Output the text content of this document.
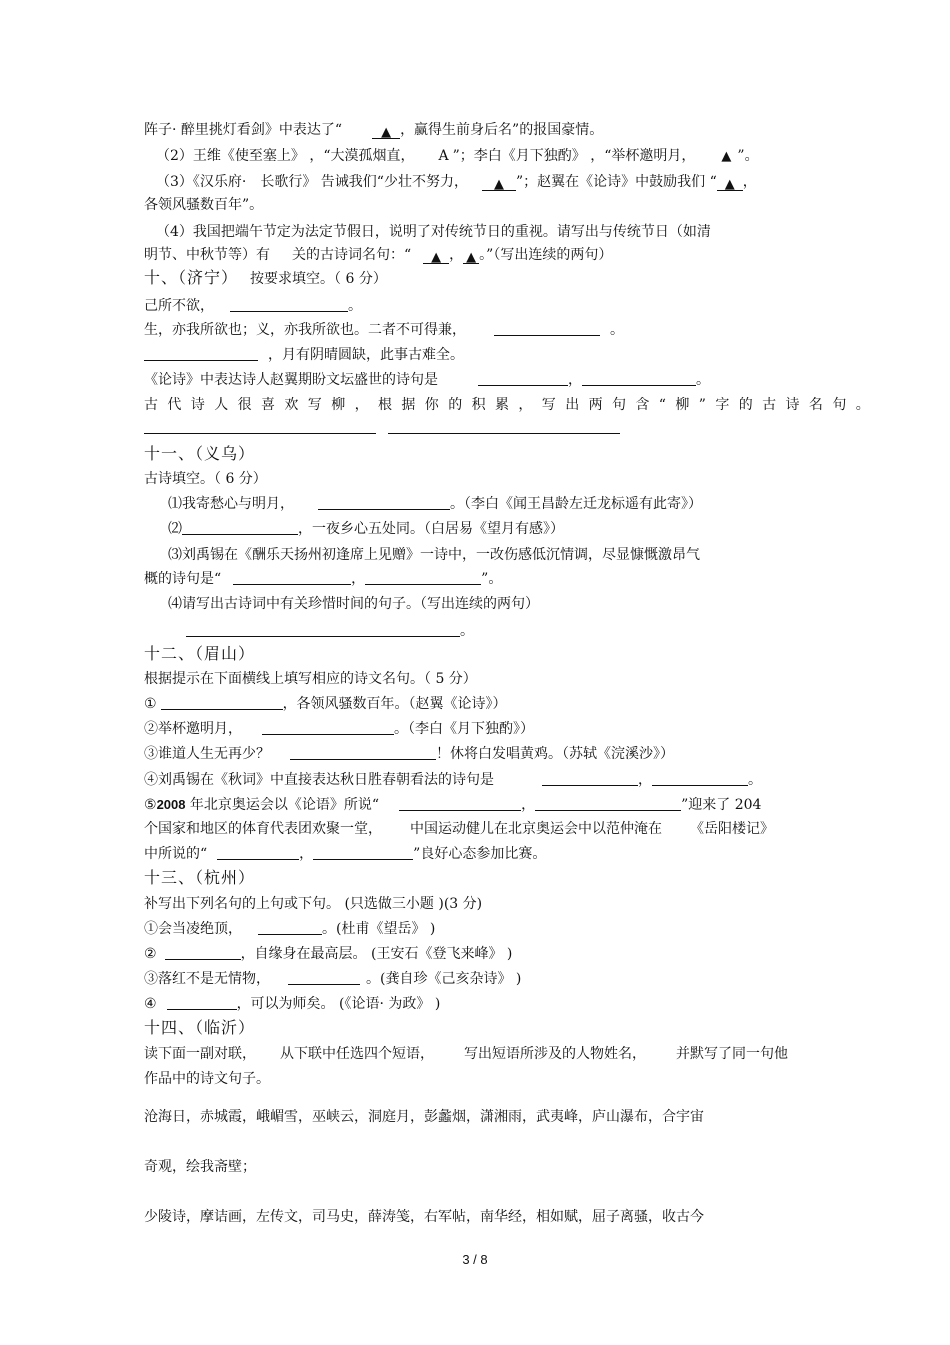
阵子· 醉里挑灯看剑》中表达了“	▲ ，赢得生前身后名”的报国豪情。
（2）王维《使至塞上》 ，“大漠孤烟直， A ”；李白《月下独酌》 ，“举杯邀明月， ▲ ”。
（3）《汉乐府· 长歌行》 告诫我们“少壮不努力， ▲ ”；赵翼在《论诗》中鼓励我们 “ ▲ ，
各领风骚数百年”。
（4）我国把端午节定为法定节假日，说明了对传统节日的重视。请写出与传统节日（如清
明节、中秋节等）有 关的古诗词名句：“ ▲ ， ▲ 。”（写出连续的两句）
十、（济宁） 按要求填空。（ 6 分）
己所不欲，	。
生，亦我所欲也；义，亦我所欲也。二者不可得兼，	。
，月有阴晴圆缺，此事古难全。
《论诗》中表达诗人赵翼期盼文坛盛世的诗句是	，	。
古代诗人很喜欢写柳，根据你的积累，写出两句含“柳”字的古诗名句。
十一、（义乌）
古诗填空。（ 6 分）
⑴我寄愁心与明月，	。（李白《闻王昌龄左迁龙标遥有此寄》）
⑵	，一夜乡心五处同。（白居易《望月有感》）
⑶刘禹锡在《酬乐天扬州初逢席上见赠》一诗中，一改伤感低沉情调，尽显慷慨激昂气
概的诗句是“	，	”。
⑷请写出古诗词中有关珍惜时间的句子。（写出连续的两句）
。
十二、（眉山）
根据提示在下面横线上填写相应的诗文名句。（ 5 分）
①	，各领风骚数百年。（赵翼《论诗》）
②举杯邀明月，	。（李白《月下独酌》）
③谁道人生无再少？	！休将白发唱黄鸡。（苏轼《浣溪沙》）
④刘禹锡在《秋词》中直接表达秋日胜春朝看法的诗句是	，	。
⑤2008 年北京奥运会以《论语》所说“	，	”迎来了 204
个国家和地区的体育代表团欢聚一堂， 中国运动健儿在北京奥运会中以范仲淹在 《岳阳楼记》
中所说的“	，	”良好心态参加比赛。
十三、（杭州）
补写出下列名句的上句或下句。 (只选做三小题 )(3 分)
①会当凌绝顶，	。(杜甫《望岳》 )
②	，自缘身在最高层。 (王安石《登飞来峰》 )
③落红不是无情物，	。(龚自珍《己亥杂诗》 )
④	，可以为师矣。 (《论语· 为政》 )
十四、（临沂）
读下面一副对联， 从下联中任选四个短语， 写出短语所涉及的人物姓名， 并默写了同一句他
作品中的诗文句子。
沧海日，赤城霞，峨嵋雪，巫峡云，洞庭月，彭蠡烟，潇湘雨，武夷峰，庐山瀑布，合宇宙
奇观，绘我斋壁；
少陵诗，摩诘画，左传文，司马史，薛涛笺，右军帖，南华经，相如赋，屈子离骚，收古今
3 / 8
